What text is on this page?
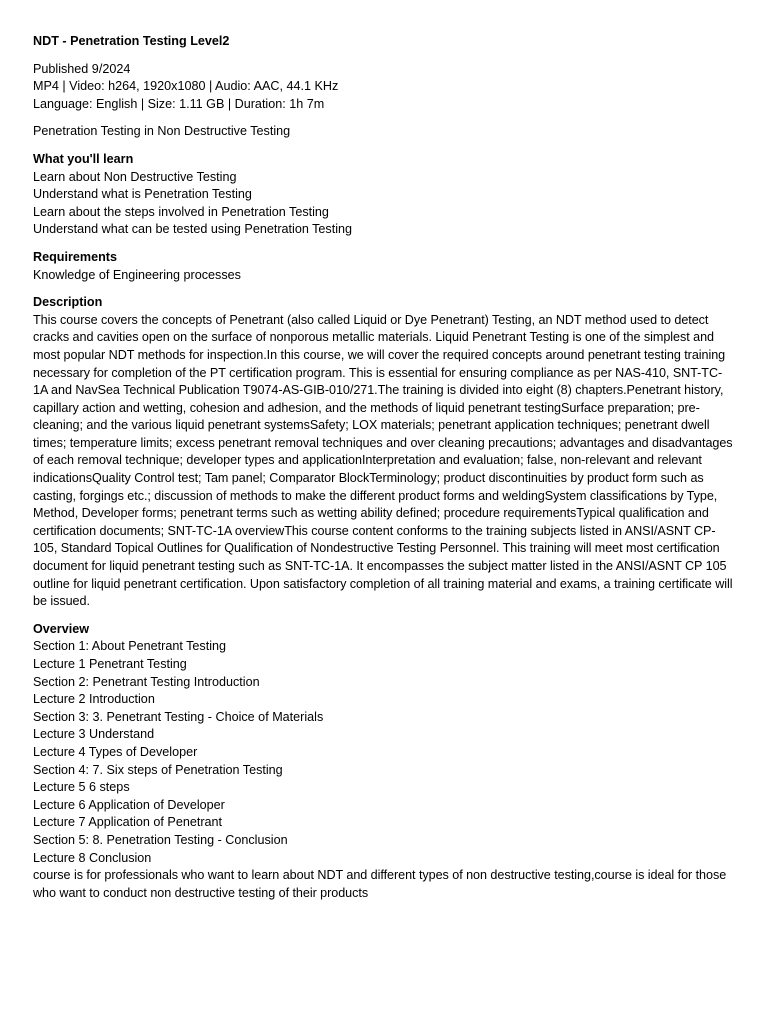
NDT - Penetration Testing Level2
Published 9/2024
MP4 | Video: h264, 1920x1080 | Audio: AAC, 44.1 KHz
Language: English | Size: 1.11 GB | Duration: 1h 7m
Penetration Testing in Non Destructive Testing
What you'll learn
Learn about Non Destructive Testing
Understand what is Penetration Testing
Learn about the steps involved in Penetration Testing
Understand what can be tested using Penetration Testing
Requirements
Knowledge of Engineering processes
Description
This course covers the concepts of Penetrant (also called Liquid or Dye Penetrant) Testing, an NDT method used to detect cracks and cavities open on the surface of nonporous metallic materials. Liquid Penetrant Testing is one of the simplest and most popular NDT methods for inspection.In this course, we will cover the required concepts around penetrant testing training necessary for completion of the PT certification program. This is essential for ensuring compliance as per NAS-410, SNT-TC-1A and NavSea Technical Publication T9074-AS-GIB-010/271.The training is divided into eight (8) chapters.Penetrant history, capillary action and wetting, cohesion and adhesion, and the methods of liquid penetrant testingSurface preparation; pre-cleaning; and the various liquid penetrant systemsSafety; LOX materials; penetrant application techniques; penetrant dwell times; temperature limits; excess penetrant removal techniques and over cleaning precautions; advantages and disadvantages of each removal technique; developer types and applicationInterpretation and evaluation; false, non-relevant and relevant indicationsQuality Control test; Tam panel; Comparator BlockTerminology; product discontinuities by product form such as casting, forgings etc.; discussion of methods to make the different product forms and weldingSystem classifications by Type, Method, Developer forms; penetrant terms such as wetting ability defined; procedure requirementsTypical qualification and certification documents; SNT-TC-1A overviewThis course content conforms to the training subjects listed in ANSI/ASNT CP-105, Standard Topical Outlines for Qualification of Nondestructive Testing Personnel. This training will meet most certification document for liquid penetrant testing such as SNT-TC-1A. It encompasses the subject matter listed in the ANSI/ASNT CP 105 outline for liquid penetrant certification. Upon satisfactory completion of all training material and exams, a training certificate will be issued.
Overview
Section 1: About Penetrant Testing
Lecture 1 Penetrant Testing
Section 2: Penetrant Testing Introduction
Lecture 2 Introduction
Section 3: 3. Penetrant Testing - Choice of Materials
Lecture 3 Understand
Lecture 4 Types of Developer
Section 4: 7. Six steps of Penetration Testing
Lecture 5 6 steps
Lecture 6 Application of Developer
Lecture 7 Application of Penetrant
Section 5: 8. Penetration Testing - Conclusion
Lecture 8 Conclusion
course is for professionals who want to learn about NDT and different types of non destructive testing,course is ideal for those who want to conduct non destructive testing of their products
